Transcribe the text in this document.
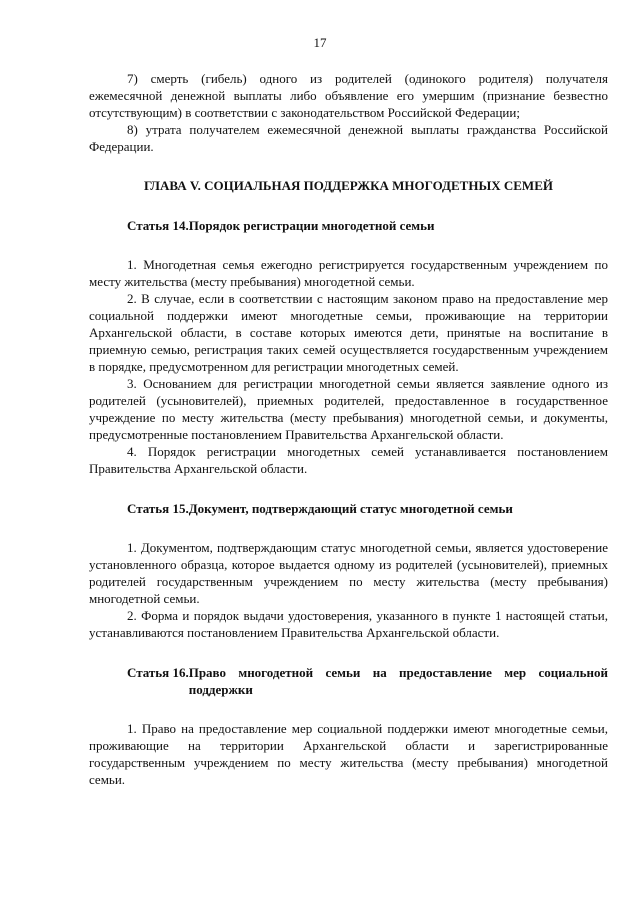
17

7) смерть (гибель) одного из родителей (одинокого родителя) получателя ежемесячной денежной выплаты либо объявление его умершим (признание безвестно отсутствующим) в соответствии с законодательством Российской Федерации;

8) утрата получателем ежемесячной денежной выплаты гражданства Российской Федерации.

ГЛАВА V. СОЦИАЛЬНАЯ ПОДДЕРЖКА МНОГОДЕТНЫХ СЕМЕЙ
Статья 14. Порядок регистрации многодетной семьи

1. Многодетная семья ежегодно регистрируется государственным учреждением по месту жительства (месту пребывания) многодетной семьи.

2. В случае, если в соответствии с настоящим законом право на предоставление мер социальной поддержки имеют многодетные семьи, проживающие на территории Архангельской области, в составе которых имеются дети, принятые на воспитание в приемную семью, регистрация таких семей осуществляется государственным учреждением в порядке, предусмотренном для регистрации многодетных семей.

3. Основанием для регистрации многодетной семьи является заявление одного из родителей (усыновителей), приемных родителей, предоставленное в государственное учреждение по месту жительства (месту пребывания) многодетной семьи, и документы, предусмотренные постановлением Правительства Архангельской области.

4. Порядок регистрации многодетных семей устанавливается постановлением Правительства Архангельской области.

Статья 15. Документ, подтверждающий статус многодетной семьи

1. Документом, подтверждающим статус многодетной семьи, является удостоверение установленного образца, которое выдается одному из родителей (усыновителей), приемных родителей государственным учреждением по месту жительства (месту пребывания) многодетной семьи.

2. Форма и порядок выдачи удостоверения, указанного в пункте 1 настоящей статьи, устанавливаются постановлением Правительства Архангельской области.

Статья 16. Право многодетной семьи на предоставление мер социальной поддержки

1. Право на предоставление мер социальной поддержки имеют многодетные семьи, проживающие на территории Архангельской области и зарегистрированные государственным учреждением по месту жительства (месту пребывания) многодетной семьи.
